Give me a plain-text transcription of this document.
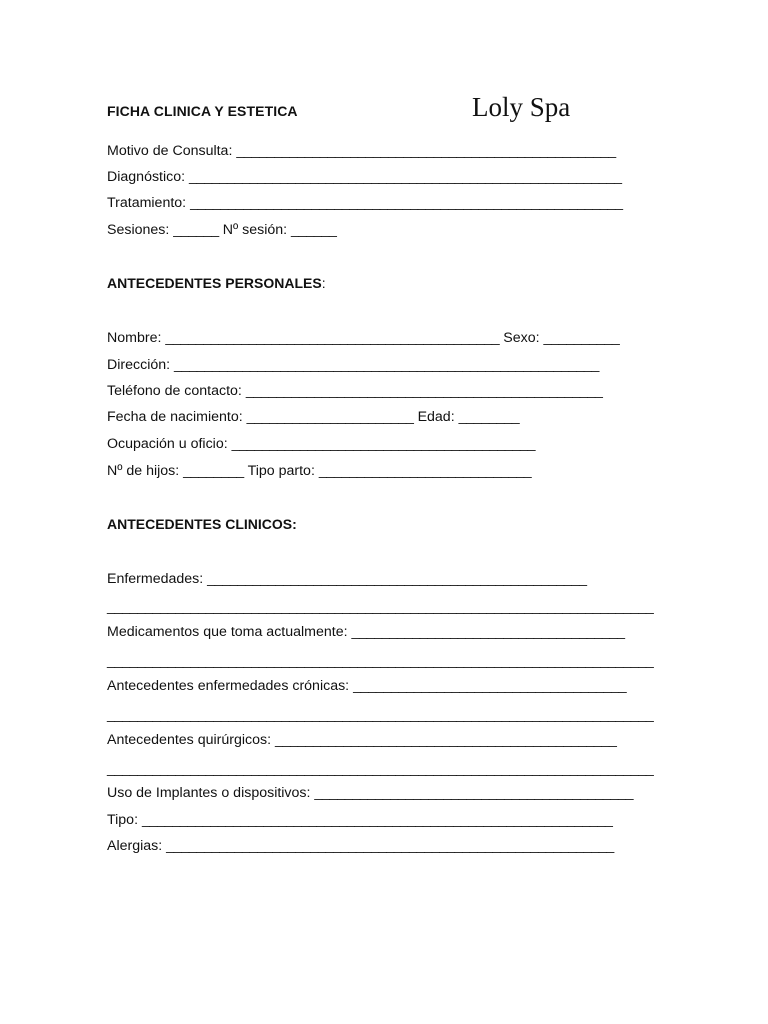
FICHA CLINICA Y ESTETICA	Loly Spa
Motivo de Consulta: __________________________________________________
Diagnóstico: _________________________________________________________
Tratamiento: _________________________________________________________
Sesiones: ______ Nº sesión: ______
ANTECEDENTES PERSONALES:
Nombre: ____________________________________________ Sexo: __________
Dirección: ________________________________________________________
Teléfono de contacto: _______________________________________________
Fecha de nacimiento: ______________________ Edad: ________
Ocupación u oficio: ________________________________________
Nº de hijos: ________ Tipo parto: ____________________________
ANTECEDENTES CLINICOS:
Enfermedades: __________________________________________________
________________________________________________________________________
Medicamentos que toma actualmente: ____________________________________
________________________________________________________________________
Antecedentes enfermedades crónicas: ____________________________________
________________________________________________________________________
Antecedentes quirúrgicos: _____________________________________________
________________________________________________________________________
Uso de Implantes o dispositivos: __________________________________________
Tipo: ______________________________________________________________
Alergias: ___________________________________________________________
